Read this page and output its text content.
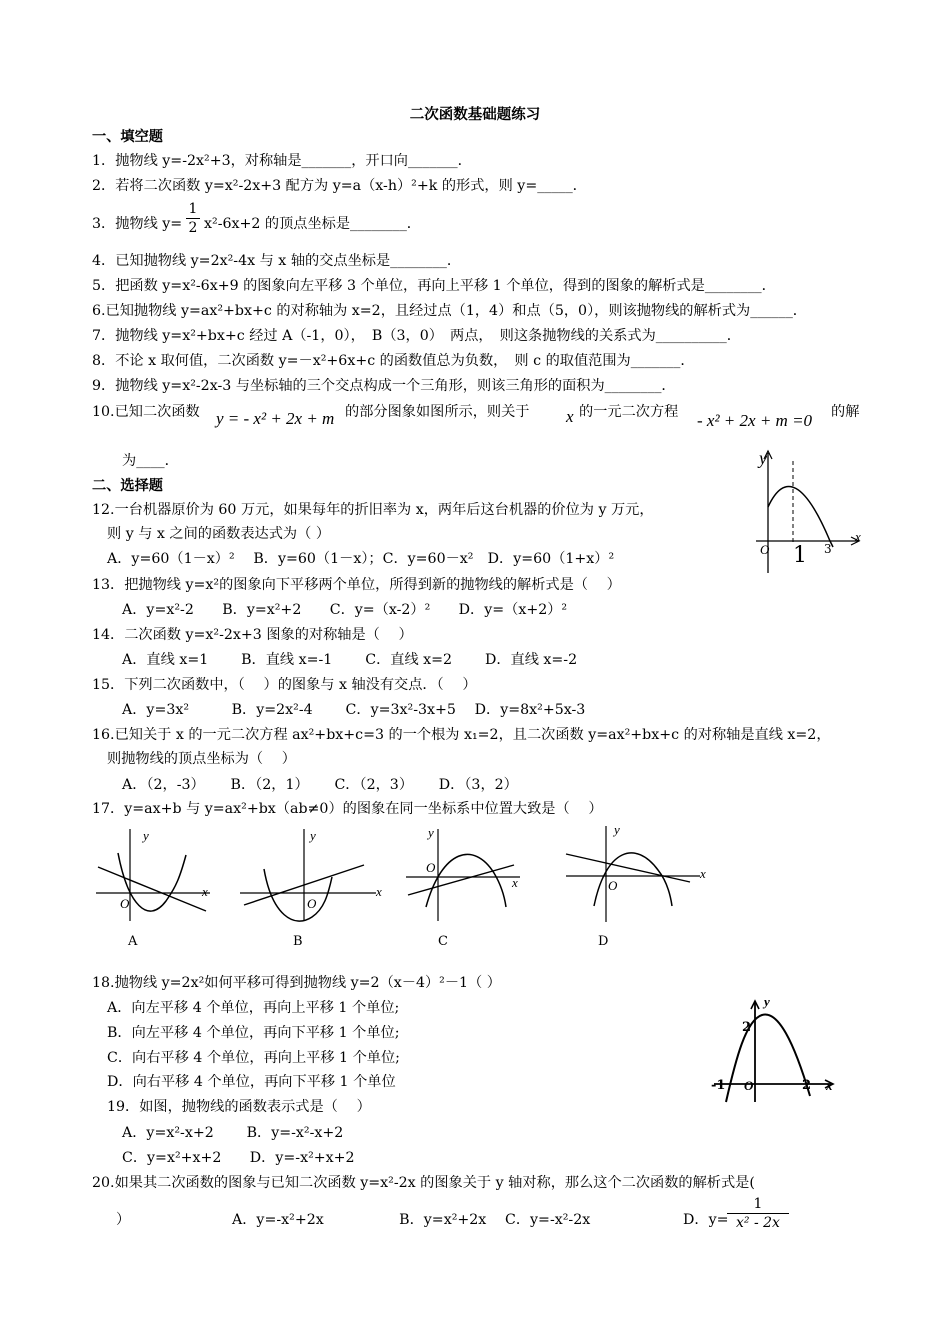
二次函数基础题练习
一、填空题
1．抛物线 y=-2x²+3，对称轴是_______，开口向_______．
2．若将二次函数 y=x²-2x+3 配方为 y=a（x-h）²+k 的形式，则 y=_____．
3．抛物线 y=
1
2 x²-6x+2 的顶点坐标是________．
4．已知抛物线 y=2x²-4x 与 x 轴的交点坐标是________．
5．把函数 y=x²-6x+9 的图象向左平移 3 个单位，再向上平移 1 个单位，得到的图象的解析式是________．
6.已知抛物线 y=ax²+bx+c 的对称轴为 x=2，且经过点（1，4）和点（5，0），则该抛物线的解析式为______．
7．抛物线 y=x²+bx+c 经过 A（-1，0），　B（3，0）　两点，　则这条抛物线的关系式为__________．
8．不论 x 取何值，二次函数 y=－x²+6x+c 的函数值总为负数，　则 c 的取值范围为_______．
9．抛物线 y=x²-2x-3 与坐标轴的三个交点构成一个三角形，则该三角形的面积为________．
10.已知二次函数 y = - x² + 2x + m 的部分图象如图所示，则关于 x 的一元二次方程 - x² + 2x + m =0 的解
为____．	y
x
O 1 3
二、选择题
12.一台机器原价为 60 万元，如果每年的折旧率为 x，两年后这台机器的价位为 y 万元，
则 y 与 x 之间的函数表达式为（ ）
A．y=60（1－x）²　 B．y=60（1－x）；C．y=60－x²　D．y=60（1+x）²
13．把抛物线 y=x²的图象向下平移两个单位，所得到新的抛物线的解析式是（　 ）
A．y=x²-2　　B．y=x²+2　　C．y=（x-2）²　　D．y=（x+2）²
14．二次函数 y=x²-2x+3 图象的对称轴是（　 ）
A．直线 x=1　　 B．直线 x=-1　　 C．直线 x=2　　 D．直线 x=-2
15．下列二次函数中，（　 ）的图象与 x 轴没有交点．（　 ）
A．y=3x²　　　B．y=2x²-4　　 C．y=3x²-3x+5　 D．y=8x²+5x-3
16.已知关于 x 的一元二次方程 ax²+bx+c=3 的一个根为 x₁=2，且二次函数 y=ax²+bx+c 的对称轴是直线 x=2，
则抛物线的顶点坐标为（　 ）
A．（2，-3）　　 B．（2，1）　　 C．（2，3）　　 D．（3，2）
17．y=ax+b 与 y=ax²+bx（ab≠0）的图象在同一坐标系中位置大致是（　 ）
y
x
O
A
y
x
O
B
y
x
O
C
y
x
O
D
18.抛物线 y=2x²如何平移可得到抛物线 y=2（x－4）²－1（ ）
A．向左平移 4 个单位，再向上平移 1 个单位;
B．向左平移 4 个单位，再向下平移 1 个单位;
C．向右平移 4 个单位，再向上平移 1 个单位;
D．向右平移 4 个单位，再向下平移 1 个单位
y
2
-1 O	2 x
19．如图，抛物线的函数表示式是（　 ）
A．y=x²-x+2　　 B．y=-x²-x+2
C．y=x²+x+2　　D．y=-x²+x+2
20.如果其二次函数的图象与已知二次函数 y=x²-2x 的图象关于 y 轴对称，那么这个二次函数的解析式是(
）	A．y=-x²+2x　　　　　 B．y=x²+2x　 C．y=-x²-2x	D．y=
1
x² - 2x
